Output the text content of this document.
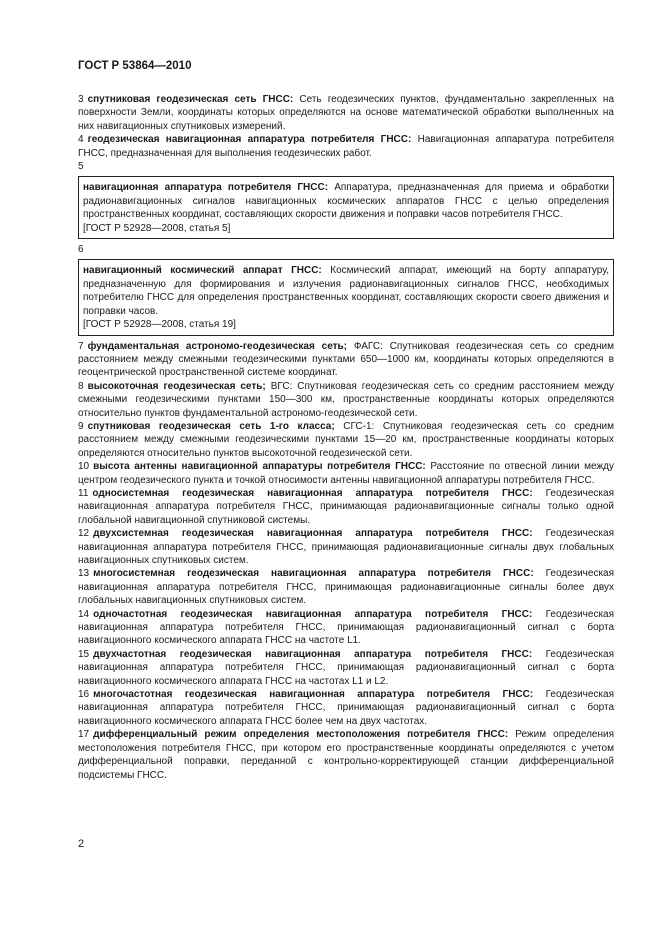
ГОСТ Р 53864—2010

3 спутниковая геодезическая сеть ГНСС: Сеть геодезических пунктов, фундаментально закрепленных на поверхности Земли, координаты которых определяются на основе математической обработки выполненных на них навигационных спутниковых измерений.

4 геодезическая навигационная аппаратура потребителя ГНСС: Навигационная аппаратура потребителя ГНСС, предназначенная для выполнения геодезических работ.

5

навигационная аппаратура потребителя ГНСС: Аппаратура, предназначенная для приема и обработки радионавигационных сигналов навигационных космических аппаратов ГНСС с целью определения пространственных координат, составляющих скорости движения и поправки часов потребителя ГНСС.

[ГОСТ Р 52928—2008, статья 5]

6

навигационный космический аппарат ГНСС: Космический аппарат, имеющий на борту аппаратуру, предназначенную для формирования и излучения радионавигационных сигналов ГНСС, необходимых потребителю ГНСС для определения пространственных координат, составляющих скорости своего движения и поправки часов.

[ГОСТ Р 52928—2008, статья 19]

7 фундаментальная астрономо-геодезическая сеть; ФАГС: Спутниковая геодезическая сеть со средним расстоянием между смежными геодезическими пунктами 650—1000 км, координаты которых определяются в геоцентрической пространственной системе координат.

8 высокоточная геодезическая сеть; ВГС: Спутниковая геодезическая сеть со средним расстоянием между смежными геодезическими пунктами 150—300 км, пространственные координаты которых определяются относительно пунктов фундаментальной астрономо-геодезической сети.

9 спутниковая геодезическая сеть 1-го класса; СГС-1: Спутниковая геодезическая сеть со средним расстоянием между смежными геодезическими пунктами 15—20 км, пространственные координаты которых определяются относительно пунктов высокоточной геодезической сети.

10 высота антенны навигационной аппаратуры потребителя ГНСС: Расстояние по отвесной линии между центром геодезического пункта и точкой относимости антенны навигационной аппаратуры потребителя ГНСС.

11 односистемная геодезическая навигационная аппаратура потребителя ГНСС: Геодезическая навигационная аппаратура потребителя ГНСС, принимающая радионавигационные сигналы только одной глобальной навигационной спутниковой системы.

12 двухсистемная геодезическая навигационная аппаратура потребителя ГНСС: Геодезическая навигационная аппаратура потребителя ГНСС, принимающая радионавигационные сигналы двух глобальных навигационных спутниковых систем.

13 многосистемная геодезическая навигационная аппаратура потребителя ГНСС: Геодезическая навигационная аппаратура потребителя ГНСС, принимающая радионавигационные сигналы более двух глобальных навигационных спутниковых систем.

14 одночастотная геодезическая навигационная аппаратура потребителя ГНСС: Геодезическая навигационная аппаратура потребителя ГНСС, принимающая радионавигационный сигнал с борта навигационного космического аппарата ГНСС на частоте L1.

15 двухчастотная геодезическая навигационная аппаратура потребителя ГНСС: Геодезическая навигационная аппаратура потребителя ГНСС, принимающая радионавигационный сигнал с борта навигационного космического аппарата ГНСС на частотах L1 и L2.

16 многочастотная геодезическая навигационная аппаратура потребителя ГНСС: Геодезическая навигационная аппаратура потребителя ГНСС, принимающая радионавигационный сигнал с борта навигационного космического аппарата ГНСС более чем на двух частотах.

17 дифференциальный режим определения местоположения потребителя ГНСС: Режим определения местоположения потребителя ГНСС, при котором его пространственные координаты определяются с учетом дифференциальной поправки, переданной с контрольно-корректирующей станции дифференциальной подсистемы ГНСС.

2
